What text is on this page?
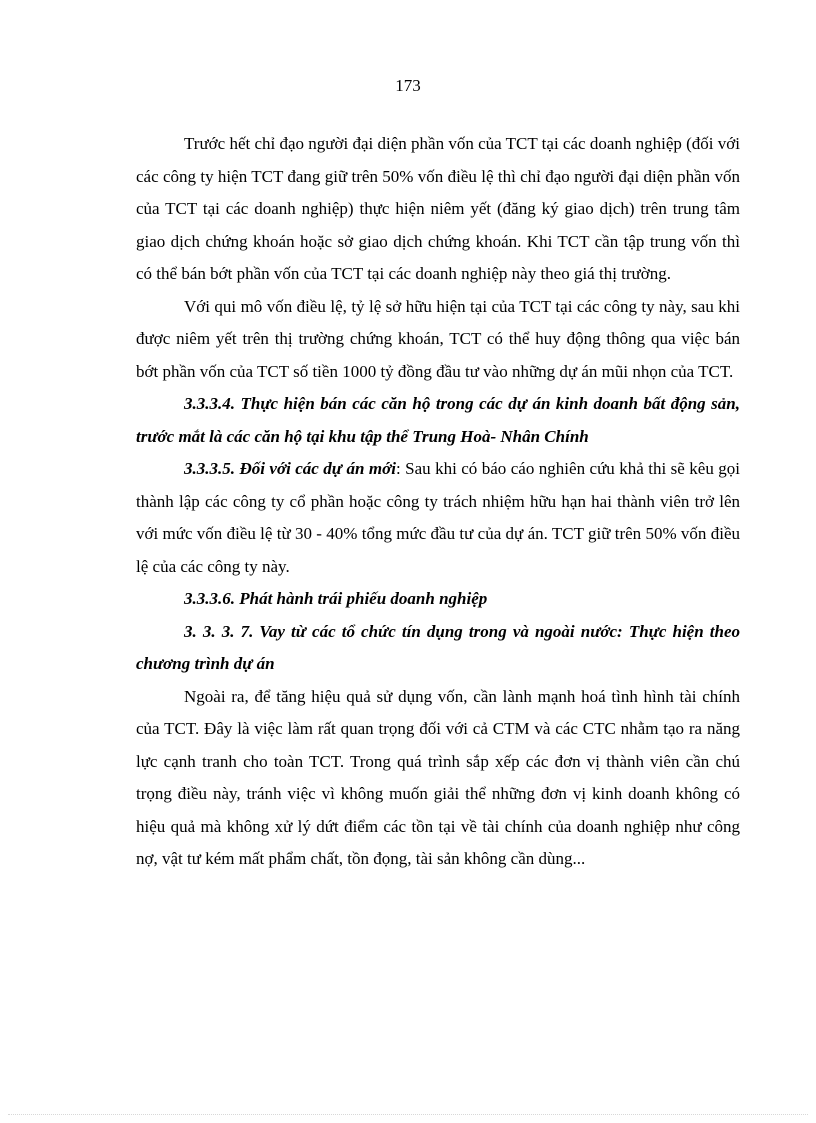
173

Trước hết chỉ đạo người đại diện phần vốn của TCT tại các doanh nghiệp (đối với các công ty hiện TCT đang giữ trên 50% vốn điều lệ thì chỉ đạo người đại diện phần vốn của TCT tại các doanh nghiệp) thực hiện niêm yết (đăng ký giao dịch) trên trung tâm giao dịch chứng khoán hoặc sở giao dịch chứng khoán. Khi TCT cần tập trung vốn thì có thể bán bớt phần vốn của TCT tại các doanh nghiệp này theo giá thị trường.

Với qui mô vốn điều lệ, tỷ lệ sở hữu hiện tại của TCT tại các công ty này, sau khi được niêm yết trên thị trường chứng khoán, TCT có thể huy động thông qua việc bán bớt phần vốn của TCT số tiền 1000 tỷ đồng đầu tư vào những dự án mũi nhọn của TCT.

3.3.3.4. Thực hiện bán các căn hộ trong các dự án kinh doanh bất động sản, trước mắt là các căn hộ tại khu tập thể Trung Hoà- Nhân Chính

3.3.3.5. Đối với các dự án mới: Sau khi có báo cáo nghiên cứu khả thi sẽ kêu gọi thành lập các công ty cổ phần hoặc công ty trách nhiệm hữu hạn hai thành viên trở lên với mức vốn điều lệ từ 30 - 40% tổng mức đầu tư của dự án. TCT giữ trên 50% vốn điều lệ của các công ty này.

3.3.3.6. Phát hành trái phiếu doanh nghiệp

3. 3. 3. 7. Vay từ các tổ chức tín dụng trong và ngoài nước: Thực hiện theo chương trình dự án

Ngoài ra, để tăng hiệu quả sử dụng vốn, cần lành mạnh hoá tình hình tài chính của TCT. Đây là việc làm rất quan trọng đối với cả CTM và các CTC nhằm tạo ra năng lực cạnh tranh cho toàn TCT. Trong quá trình sắp xếp các đơn vị thành viên cần chú trọng điều này, tránh việc vì không muốn giải thể những đơn vị kinh doanh không có hiệu quả mà không xử lý dứt điểm các tồn tại về tài chính của doanh nghiệp như công nợ, vật tư kém mất phẩm chất, tồn đọng, tài sản không cần dùng...
